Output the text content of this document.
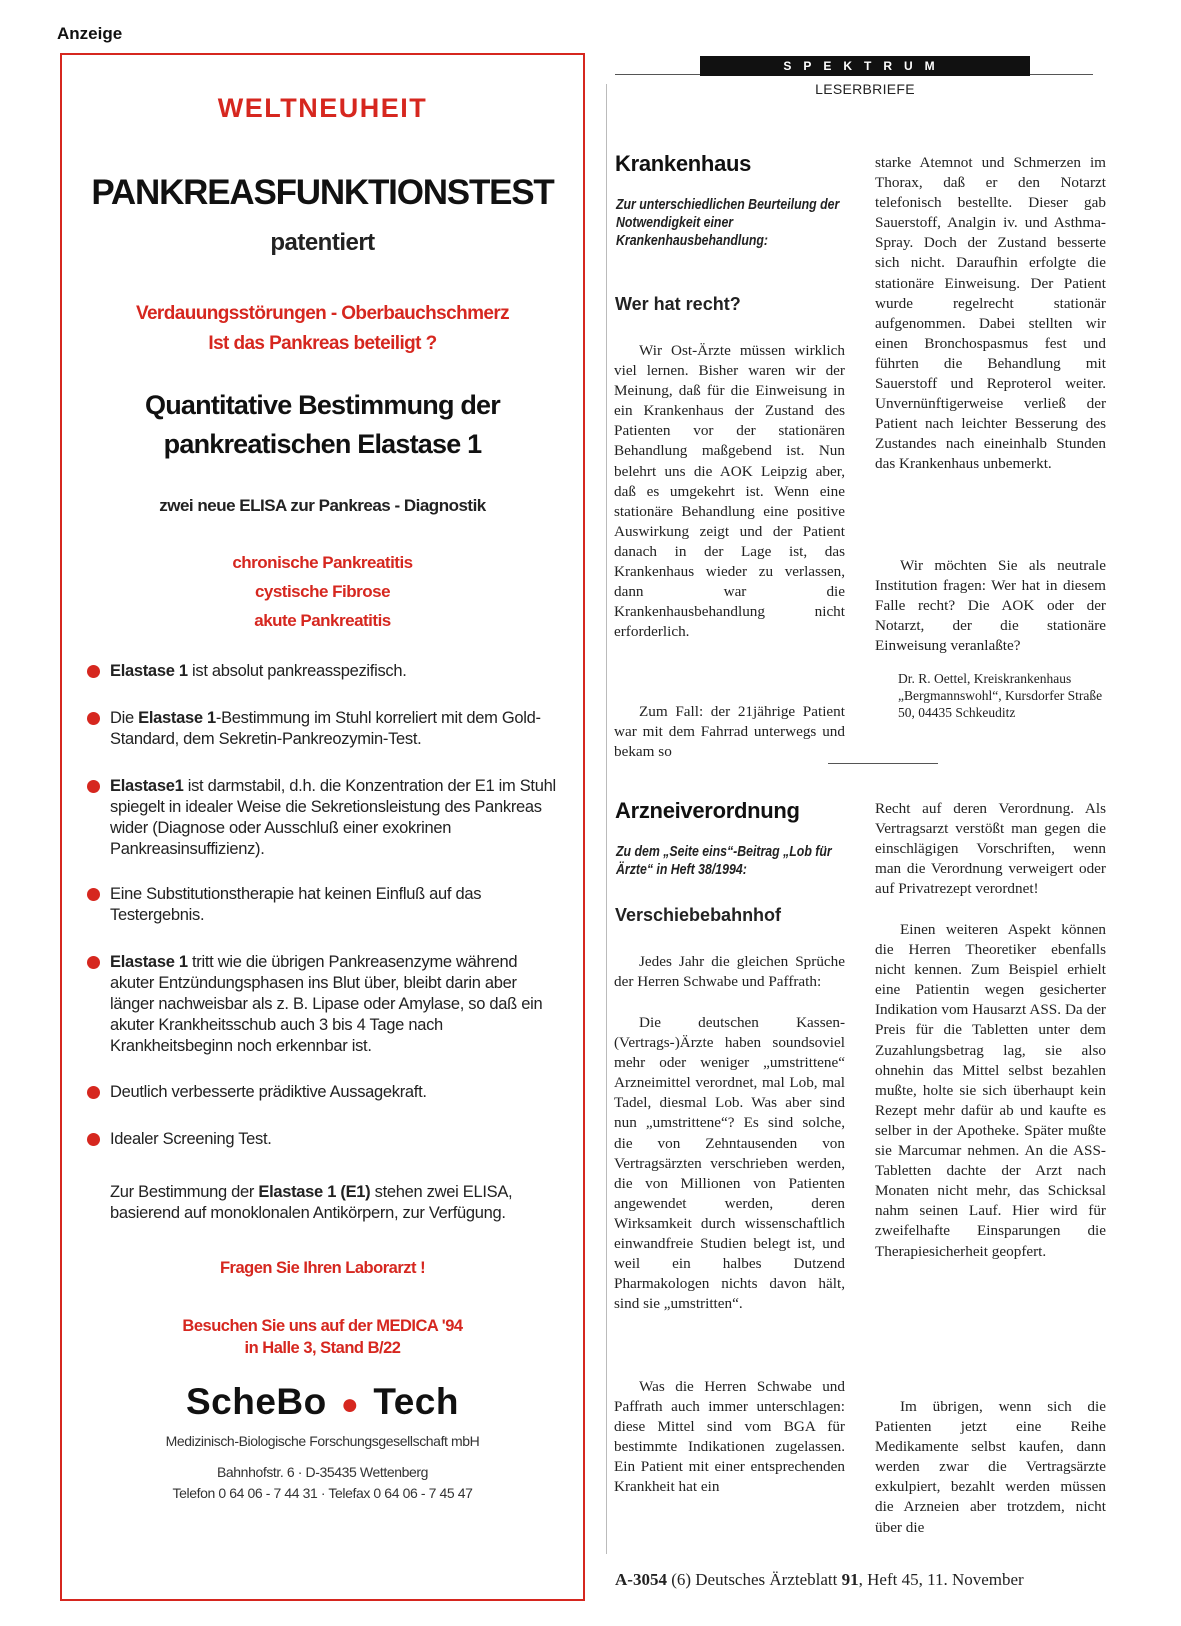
Anzeige
WELTNEUHEIT
PANKREASFUNKTIONSTEST
patentiert
Verdauungsstörungen - Oberbauchschmerz
Ist das Pankreas beteiligt ?
Quantitative Bestimmung der
pankreatischen Elastase 1
zwei neue ELISA zur Pankreas - Diagnostik
chronische Pankreatitis
cystische Fibrose
akute Pankreatitis
Elastase 1 ist absolut pankreasspezifisch.
Die Elastase 1-Bestimmung im Stuhl korreliert mit dem Gold-Standard, dem Sekretin-Pankreozymin-Test.
Elastase1 ist darmstabil, d.h. die Konzentration der E1 im Stuhl spiegelt in idealer Weise die Sekretionsleistung des Pankreas wider (Diagnose oder Ausschluß einer exokrinen Pankreasinsuffizienz).
Eine Substitutionstherapie hat keinen Einfluß auf das Testergebnis.
Elastase 1 tritt wie die übrigen Pankreasenzyme während akuter Entzündungsphasen ins Blut über, bleibt darin aber länger nachweisbar als z. B. Lipase oder Amylase, so daß ein akuter Krankheitsschub auch 3 bis 4 Tage nach Krankheitsbeginn noch erkennbar ist.
Deutlich verbesserte prädiktive Aussagekraft.
Idealer Screening Test.
Zur Bestimmung der Elastase 1 (E1) stehen zwei ELISA, basierend auf monoklonalen Antikörpern, zur Verfügung.
Fragen Sie Ihren Laborarzt !
Besuchen Sie uns auf der MEDICA '94
in Halle 3, Stand B/22
ScheBo ● Tech
Medizinisch-Biologische Forschungsgesellschaft mbH
Bahnhofstr. 6 · D-35435 Wettenberg
Telefon 0 64 06 - 7 44 31 · Telefax 0 64 06 - 7 45 47
SPEKTRUM
LESERBRIEFE
Krankenhaus
Zur unterschiedlichen Beurteilung der Notwendigkeit einer Krankenhausbehandlung:
Wer hat recht?

Wir Ost-Ärzte müssen wirklich viel lernen. Bisher waren wir der Meinung, daß für die Einweisung in ein Krankenhaus der Zustand des Patienten vor der stationären Behandlung maßgebend ist. Nun belehrt uns die AOK Leipzig aber, daß es umgekehrt ist. Wenn eine stationäre Behandlung eine positive Auswirkung zeigt und der Patient danach in der Lage ist, das Krankenhaus wieder zu verlassen, dann war die Krankenhausbehandlung nicht erforderlich.

Zum Fall: der 21jährige Patient war mit dem Fahrrad unterwegs und bekam so

starke Atemnot und Schmerzen im Thorax, daß er den Notarzt telefonisch bestellte. Dieser gab Sauerstoff, Analgin iv. und Asthma-Spray. Doch der Zustand besserte sich nicht. Daraufhin erfolgte die stationäre Einweisung. Der Patient wurde regelrecht stationär aufgenommen. Dabei stellten wir einen Bronchospasmus fest und führten die Behandlung mit Sauerstoff und Reproterol weiter. Unvernünftigerweise verließ der Patient nach leichter Besserung des Zustandes nach eineinhalb Stunden das Krankenhaus unbemerkt.

Wir möchten Sie als neutrale Institution fragen: Wer hat in diesem Falle recht? Die AOK oder der Notarzt, der die stationäre Einweisung veranlaßte?

Dr. R. Oettel, Kreiskrankenhaus „Bergmannswohl“, Kursdorfer Straße 50, 04435 Schkeuditz
Arzneiverordnung
Zu dem „Seite eins“-Beitrag „Lob für Ärzte“ in Heft 38/1994:
Verschiebebahnhof

Jedes Jahr die gleichen Sprüche der Herren Schwabe und Paffrath:

Die deutschen Kassen-(Vertrags-)Ärzte haben soundsoviel mehr oder weniger „umstrittene“ Arzneimittel verordnet, mal Lob, mal Tadel, diesmal Lob. Was aber sind nun „umstrittene“? Es sind solche, die von Zehntausenden von Vertragsärzten verschrieben werden, die von Millionen von Patienten angewendet werden, deren Wirksamkeit durch wissenschaftlich einwandfreie Studien belegt ist, und weil ein halbes Dutzend Pharmakologen nichts davon hält, sind sie „umstritten“.

Was die Herren Schwabe und Paffrath auch immer unterschlagen: diese Mittel sind vom BGA für bestimmte Indikationen zugelassen. Ein Patient mit einer entsprechenden Krankheit hat ein

Recht auf deren Verordnung. Als Vertragsarzt verstößt man gegen die einschlägigen Vorschriften, wenn man die Verordnung verweigert oder auf Privatrezept verordnet!

Einen weiteren Aspekt können die Herren Theoretiker ebenfalls nicht kennen. Zum Beispiel erhielt eine Patientin wegen gesicherter Indikation vom Hausarzt ASS. Da der Preis für die Tabletten unter dem Zuzahlungsbetrag lag, sie also ohnehin das Mittel selbst bezahlen mußte, holte sie sich überhaupt kein Rezept mehr dafür ab und kaufte es selber in der Apotheke. Später mußte sie Marcumar nehmen. An die ASS-Tabletten dachte der Arzt nach Monaten nicht mehr, das Schicksal nahm seinen Lauf. Hier wird für zweifelhafte Einsparungen die Therapiesicherheit geopfert.

Im übrigen, wenn sich die Patienten jetzt eine Reihe Medikamente selbst kaufen, dann werden zwar die Vertragsärzte exkulpiert, bezahlt werden müssen die Arzneien aber trotzdem, nicht über die

A-3054 (6) Deutsches Ärzteblatt 91, Heft 45, 11. November
